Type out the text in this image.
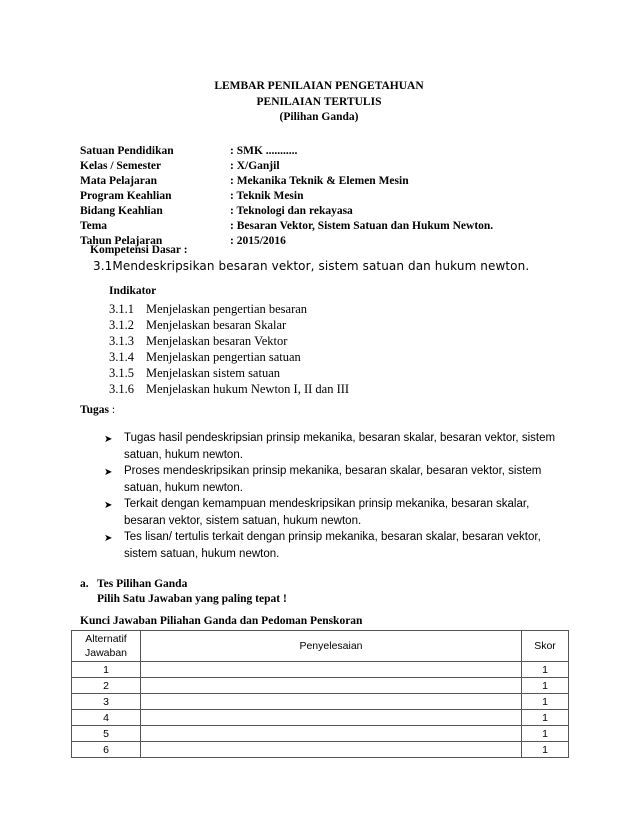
LEMBAR PENILAIAN PENGETAHUAN
PENILAIAN TERTULIS
(Pilihan Ganda)
Satuan Pendidikan	: SMK ...........
Kelas / Semester	: X/Ganjil
Mata Pelajaran	: Mekanika Teknik & Elemen Mesin
Program Keahlian	: Teknik Mesin
Bidang Keahlian	: Teknologi dan rekayasa
Tema	: Besaran Vektor, Sistem Satuan dan Hukum Newton.
Tahun Pelajaran	: 2015/2016
Kompetensi Dasar :
3.1Mendeskripsikan besaran vektor, sistem satuan dan hukum newton.
Indikator
3.1.1 Menjelaskan pengertian besaran
3.1.2 Menjelaskan besaran Skalar
3.1.3 Menjelaskan besaran Vektor
3.1.4 Menjelaskan pengertian satuan
3.1.5 Menjelaskan sistem satuan
3.1.6 Menjelaskan hukum Newton I, II dan III
Tugas :
➤ Tugas hasil pendeskripsian prinsip mekanika, besaran skalar, besaran vektor, sistem
satuan, hukum newton.
➤ Proses mendeskripsikan prinsip mekanika, besaran skalar, besaran vektor, sistem
satuan, hukum newton.
➤ Terkait dengan kemampuan mendeskripsikan prinsip mekanika, besaran skalar,
besaran vektor, sistem satuan, hukum newton.
➤ Tes lisan/ tertulis terkait dengan prinsip mekanika, besaran skalar, besaran vektor,
sistem satuan, hukum newton.
a. Tes Pilihan Ganda
Pilih Satu Jawaban yang paling tepat !
Kunci Jawaban Piliahan Ganda dan Pedoman Penskoran
Alternatif
Jawaban	Penyelesaian	Skor
1		1
2		1
3		1
4		1
5		1
6		1
